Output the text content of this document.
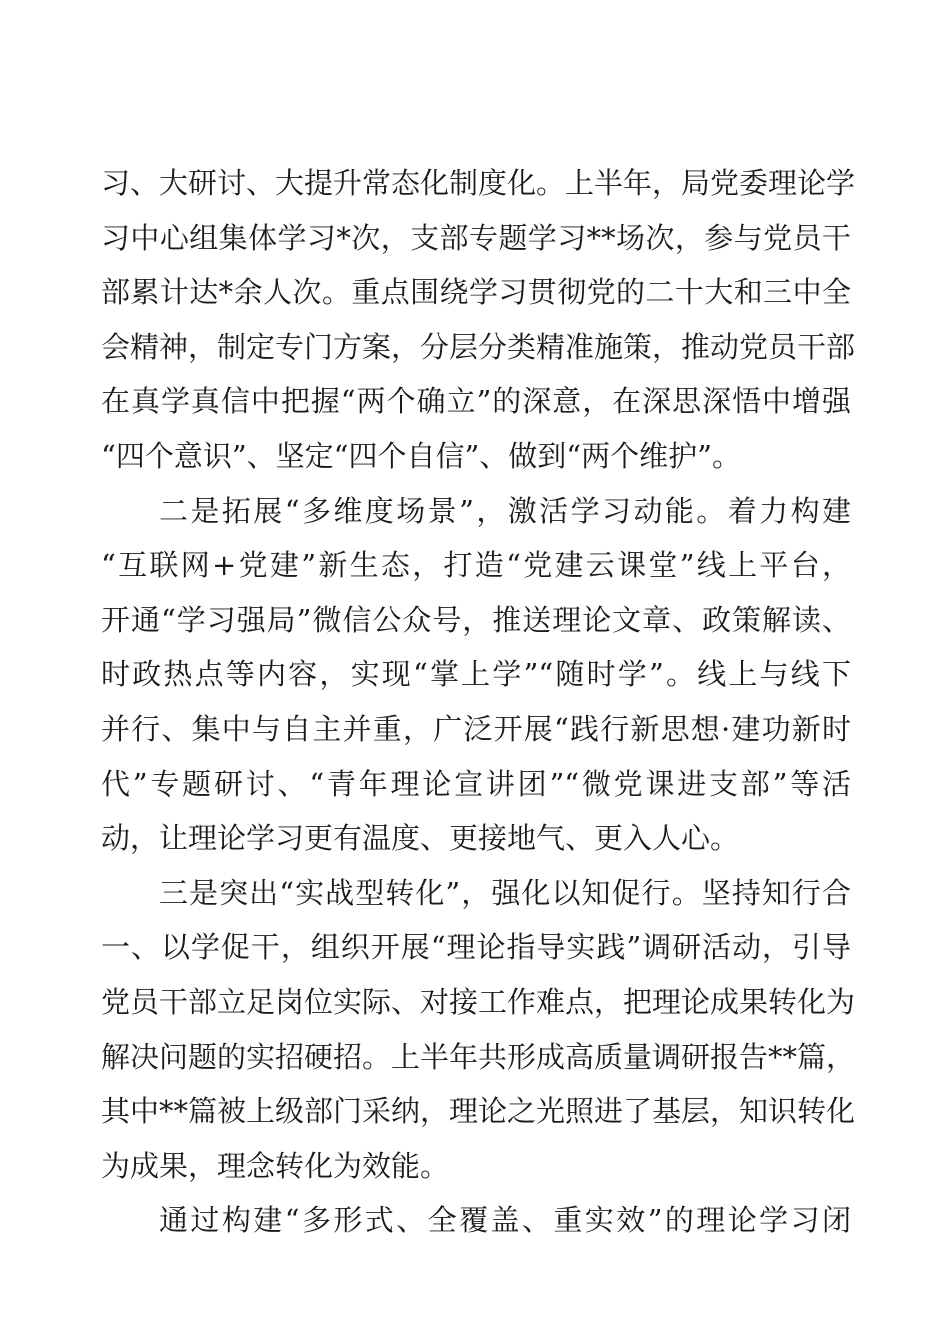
习、大研讨、大提升常态化制度化。上半年，局党委理论学
习中心组集体学习*次，支部专题学习**场次，参与党员干
部累计达*余人次。重点围绕学习贯彻党的二十大和三中全
会精神，制定专门方案，分层分类精准施策，推动党员干部
在真学真信中把握“两个确立”的深意，在深思深悟中增强
“四个意识”、坚定“四个自信”、做到“两个维护”。
二是拓展“多维度场景”，激活学习动能。着力构建
“互联网+党建”新生态，打造“党建云课堂”线上平台，
开通“学习强局”微信公众号，推送理论文章、政策解读、
时政热点等内容，实现“掌上学”“随时学”。线上与线下
并行、集中与自主并重，广泛开展“践行新思想·建功新时
代”专题研讨、“青年理论宣讲团”“微党课进支部”等活
动，让理论学习更有温度、更接地气、更入人心。
三是突出“实战型转化”，强化以知促行。坚持知行合
一、以学促干，组织开展“理论指导实践”调研活动，引导
党员干部立足岗位实际、对接工作难点，把理论成果转化为
解决问题的实招硬招。上半年共形成高质量调研报告**篇，
其中**篇被上级部门采纳，理论之光照进了基层，知识转化
为成果，理念转化为效能。
通过构建“多形式、全覆盖、重实效”的理论学习闭
